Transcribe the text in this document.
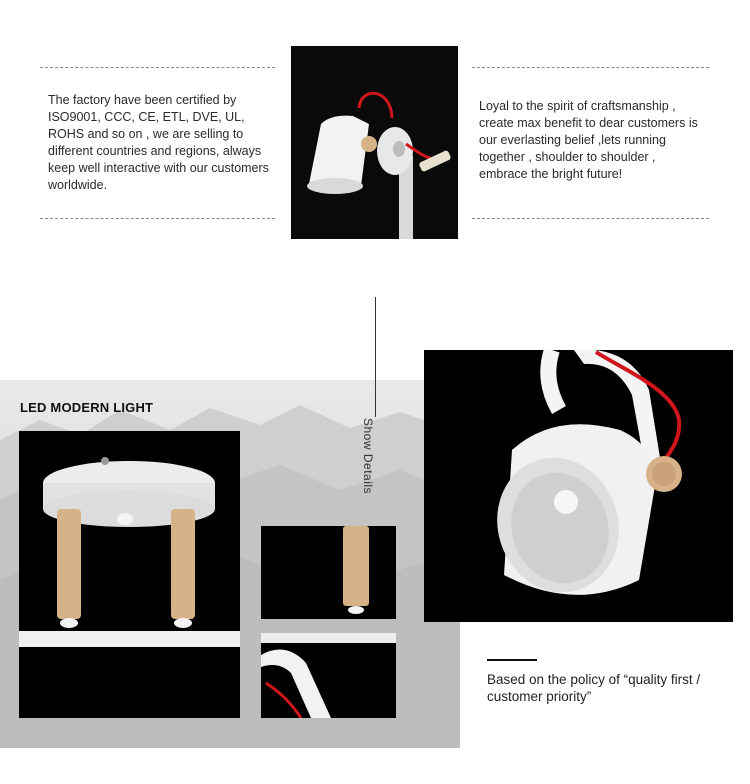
The factory have been certified by ISO9001, CCC, CE, ETL, DVE, UL, ROHS and so on , we are selling to different countries and regions, always keep well interactive with our customers worldwide.
Loyal to the spirit of craftsmanship , create max benefit to dear customers is our everlasting belief ,lets running together , shoulder to shoulder , embrace the bright future!
LED MODERN LIGHT
Show Details
Based on the policy of “quality first / customer priority”
